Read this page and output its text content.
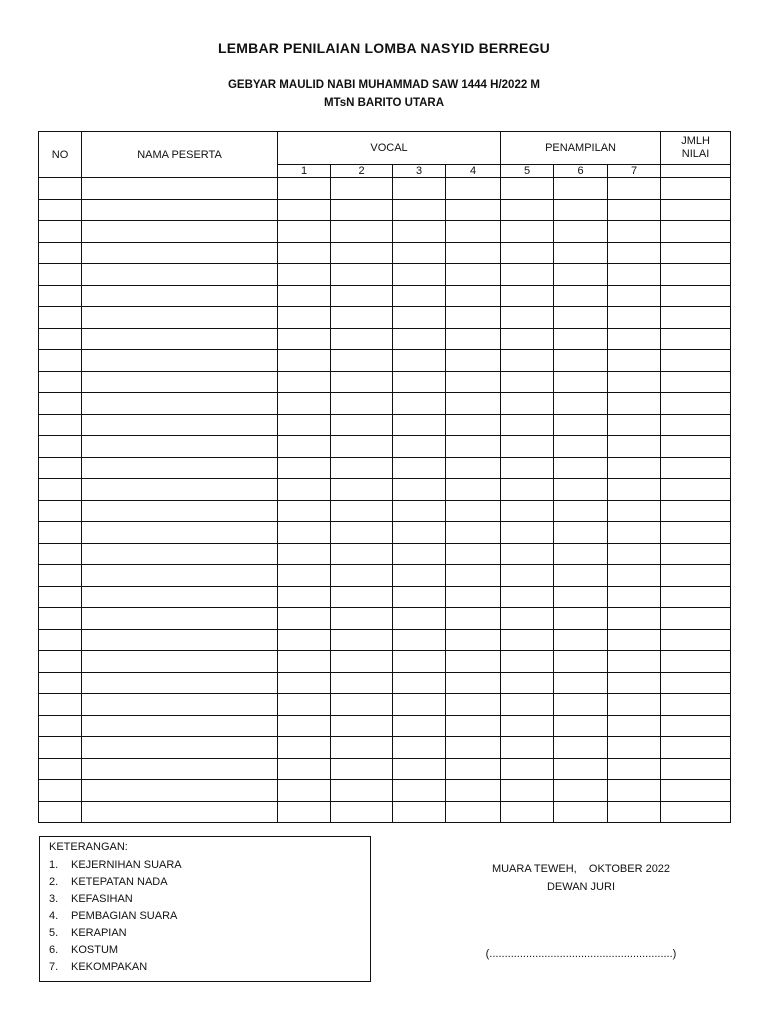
LEMBAR PENILAIAN LOMBA NASYID BERREGU
GEBYAR MAULID NABI MUHAMMAD SAW 1444 H/2022 M
MTsN BARITO UTARA
NO	NAMA PESERTA	VOCAL				PENAMPILAN			JMLH
NILAI

		1	2	3	4	5	6	7	

KETERANGAN:
1.	KEJERNIHAN SUARA
2.	KETEPATAN NADA
3.	KEFASIHAN
4.	PEMBAGIAN SUARA
5.	KERAPIAN
6.	KOSTUM
7.	KEKOMPAKAN
MUARA TEWEH,    OKTOBER 2022
DEWAN JURI
(............................................................)
